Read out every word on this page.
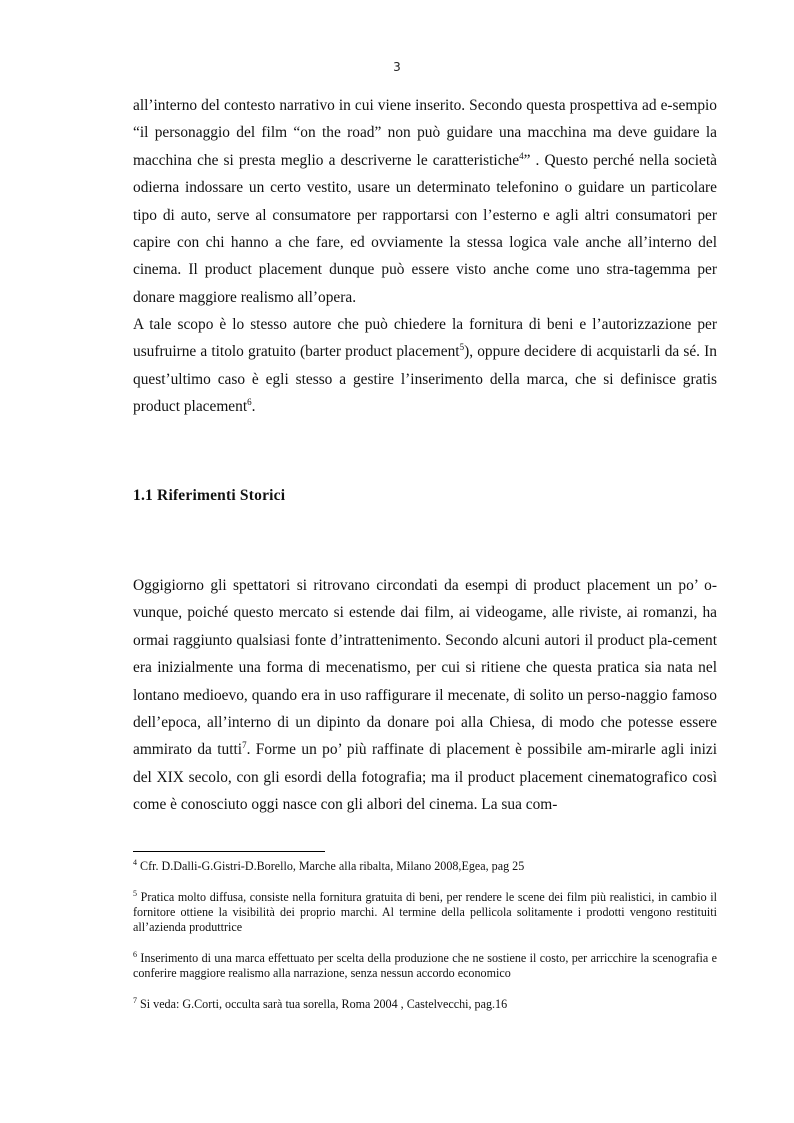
3

all’interno del contesto narrativo in cui viene inserito. Secondo questa prospettiva ad e-sempio “il personaggio del film “on the road” non può guidare una macchina ma deve guidare la macchina che si presta meglio a descriverne le caratteristiche$^4$” . Questo perché nella società odierna indossare un certo vestito, usare un determinato telefonino o guidare un particolare tipo di auto, serve al consumatore per rapportarsi con l’esterno e agli altri consumatori per capire con chi hanno a che fare, ed ovviamente la stessa logica vale anche all’interno del cinema. Il product placement dunque può essere visto anche come uno stra-tagemma per donare maggiore realismo all’opera.

A tale scopo è lo stesso autore che può chiedere la fornitura di beni e l’autorizzazione per usufruirne a titolo gratuito (barter product placement$^5$), oppure decidere di acquistarli da sé. In quest’ultimo caso è egli stesso a gestire l’inserimento della marca, che si definisce gratis product placement$^6$.

1.1 Riferimenti Storici

Oggigiorno gli spettatori si ritrovano circondati da esempi di product placement un po’ o-vunque, poiché questo mercato si estende dai film, ai videogame, alle riviste, ai romanzi, ha ormai raggiunto qualsiasi fonte d’intrattenimento. Secondo alcuni autori il product pla-cement era inizialmente una forma di mecenatismo, per cui si ritiene che questa pratica sia nata nel lontano medioevo, quando era in uso raffigurare il mecenate, di solito un perso-naggio famoso dell’epoca, all’interno di un dipinto da donare poi alla Chiesa, di modo che potesse essere ammirato da tutti$^7$. Forme un po’ più raffinate di placement è possibile am-mirarle agli inizi del XIX secolo, con gli esordi della fotografia; ma il product placement cinematografico così come è conosciuto oggi nasce con gli albori del cinema. La sua com-

$^4$ Cfr. D.Dalli-G.Gistri-D.Borello, Marche alla ribalta, Milano 2008,Egea, pag 25

$^5$ Pratica molto diffusa, consiste nella fornitura gratuita di beni, per rendere le scene dei film più realistici, in cambio il fornitore ottiene la visibilità dei proprio marchi. Al termine della pellicola solitamente i prodotti vengono restituiti all’azienda produttrice

$^6$ Inserimento di una marca effettuato per scelta della produzione che ne sostiene il costo, per arricchire la scenografia e conferire maggiore realismo alla narrazione, senza nessun accordo economico

$^7$ Si veda: G.Corti, occulta sarà tua sorella, Roma 2004 , Castelvecchi, pag.16
